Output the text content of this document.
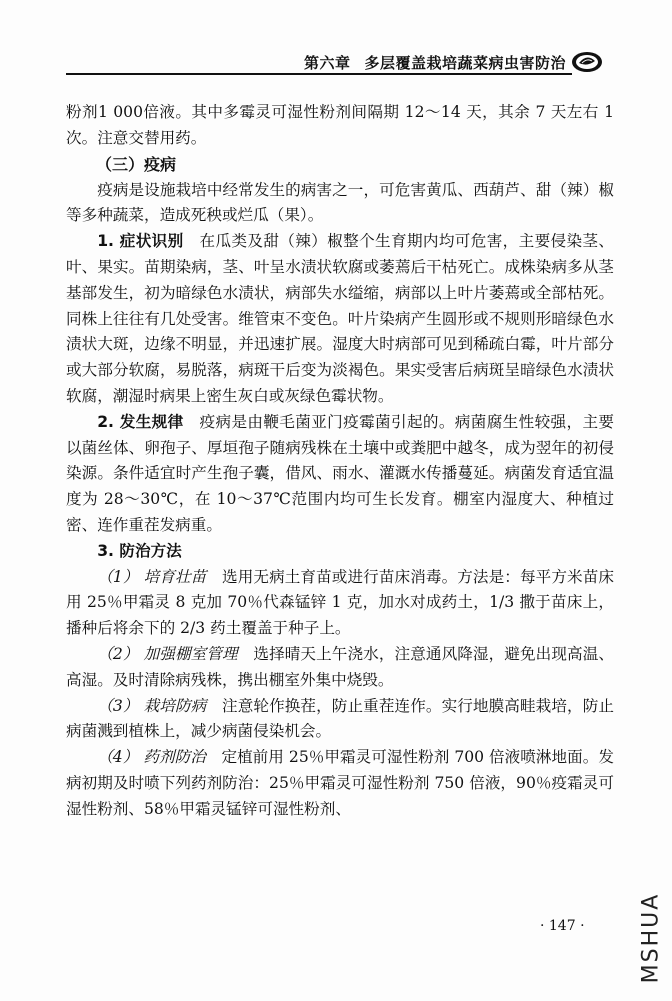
第六章 多层覆盖栽培蔬菜病虫害防治

粉剂1 000倍液。其中多霉灵可湿性粉剂间隔期 12～14 天，其余 7 天左右 1 次。注意交替用药。

（三）疫病

疫病是设施栽培中经常发生的病害之一，可危害黄瓜、西葫芦、甜（辣）椒等多种蔬菜，造成死秧或烂瓜（果）。

1. 症状识别  在瓜类及甜（辣）椒整个生育期内均可危害，主要侵染茎、叶、果实。苗期染病，茎、叶呈水渍状软腐或萎蔫后干枯死亡。成株染病多从茎基部发生，初为暗绿色水渍状，病部失水缢缩，病部以上叶片萎蔫或全部枯死。同株上往往有几处受害。维管束不变色。叶片染病产生圆形或不规则形暗绿色水渍状大斑，边缘不明显，并迅速扩展。湿度大时病部可见到稀疏白霉，叶片部分或大部分软腐，易脱落，病斑干后变为淡褐色。果实受害后病斑呈暗绿色水渍状软腐，潮湿时病果上密生灰白或灰绿色霉状物。

2. 发生规律  疫病是由鞭毛菌亚门疫霉菌引起的。病菌腐生性较强，主要以菌丝体、卵孢子、厚垣孢子随病残株在土壤中或粪肥中越冬，成为翌年的初侵染源。条件适宜时产生孢子囊，借风、雨水、灌溉水传播蔓延。病菌发育适宜温度为 28～30℃，在 10～37℃范围内均可生长发育。棚室内湿度大、种植过密、连作重茬发病重。

3. 防治方法

（1） 培育壮苗  选用无病土育苗或进行苗床消毒。方法是：每平方米苗床用 25％甲霜灵 8 克加 70％代森锰锌 1 克，加水对成药土，1/3 撒于苗床上，播种后将余下的 2/3 药土覆盖于种子上。

（2） 加强棚室管理  选择晴天上午浇水，注意通风降湿，避免出现高温、高湿。及时清除病残株，携出棚室外集中烧毁。

（3） 栽培防病  注意轮作换茬，防止重茬连作。实行地膜高畦栽培，防止病菌溅到植株上，减少病菌侵染机会。

（4） 药剂防治  定植前用 25％甲霜灵可湿性粉剂 700 倍液喷淋地面。发病初期及时喷下列药剂防治：25％甲霜灵可湿性粉剂 750 倍液，90％疫霜灵可湿性粉剂、58％甲霜灵锰锌可湿性粉剂、

· 147 · MSHUA
